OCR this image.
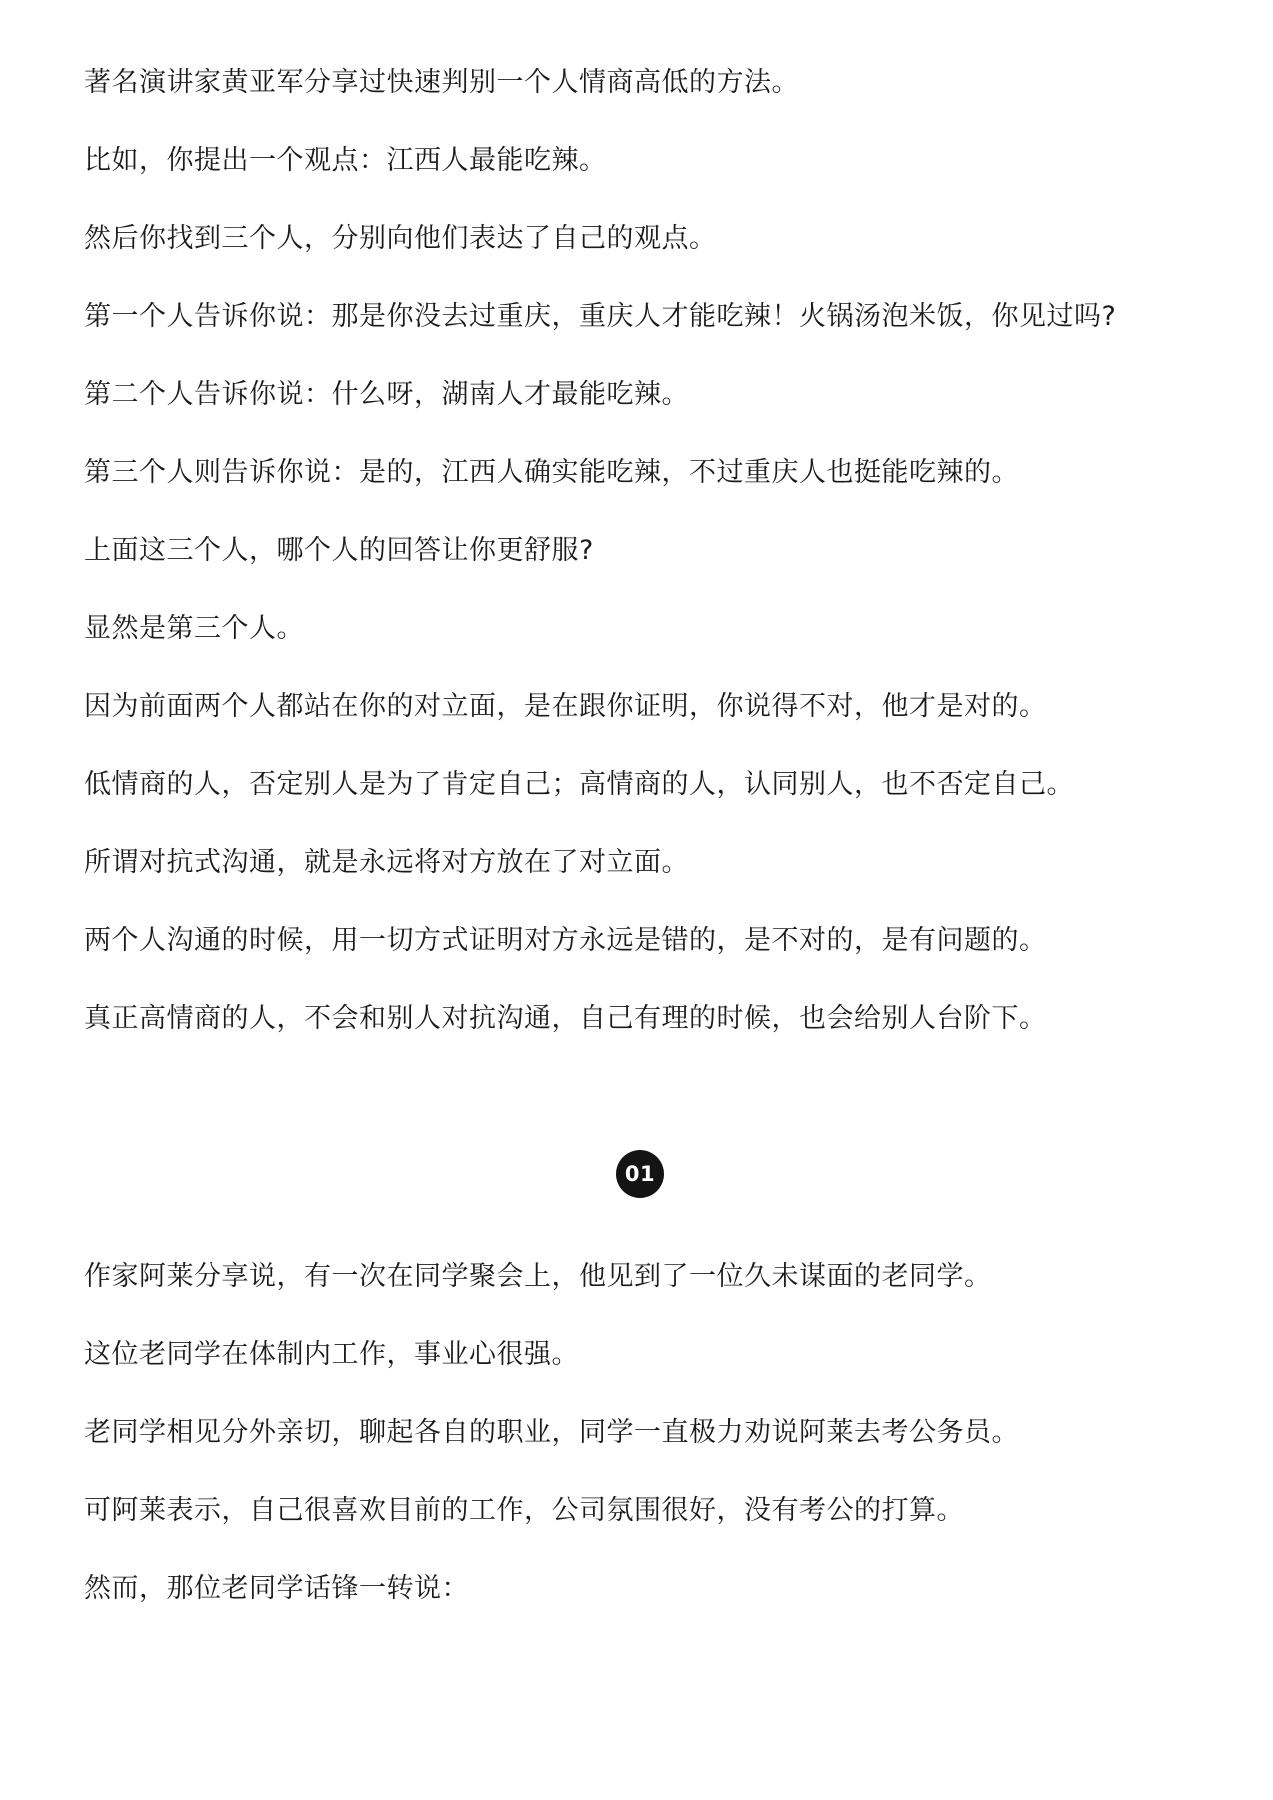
著名演讲家黄亚军分享过快速判别一个人情商高低的方法。

比如，你提出一个观点：江西人最能吃辣。

然后你找到三个人，分别向他们表达了自己的观点。

第一个人告诉你说：那是你没去过重庆，重庆人才能吃辣！火锅汤泡米饭，你见过吗?

第二个人告诉你说：什么呀，湖南人才最能吃辣。

第三个人则告诉你说：是的，江西人确实能吃辣，不过重庆人也挺能吃辣的。

上面这三个人，哪个人的回答让你更舒服?

显然是第三个人。

因为前面两个人都站在你的对立面，是在跟你证明，你说得不对，他才是对的。

低情商的人，否定别人是为了肯定自己；高情商的人，认同别人，也不否定自己。

所谓对抗式沟通，就是永远将对方放在了对立面。

两个人沟通的时候，用一切方式证明对方永远是错的，是不对的，是有问题的。

真正高情商的人，不会和别人对抗沟通，自己有理的时候，也会给别人台阶下。

作家阿莱分享说，有一次在同学聚会上，他见到了一位久未谋面的老同学。

这位老同学在体制内工作，事业心很强。

老同学相见分外亲切，聊起各自的职业，同学一直极力劝说阿莱去考公务员。

可阿莱表示，自己很喜欢目前的工作，公司氛围很好，没有考公的打算。

然而，那位老同学话锋一转说：

01
